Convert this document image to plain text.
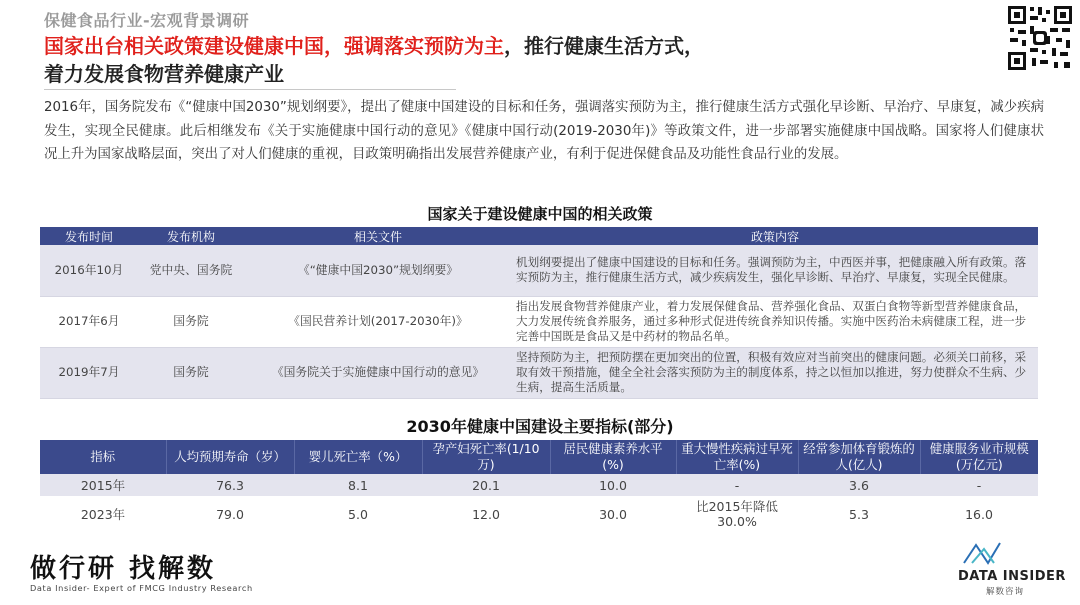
保健食品行业-宏观背景调研
国家出台相关政策建设健康中国，强调落实预防为主，推行健康生活方式，
着力发展食物营养健康产业
2016年，国务院发布《“健康中国2030”规划纲要》，提出了健康中国建设的目标和任务，强调落实预防为主，推行健康生活方式强化早诊断、早治疗、早康复，减少疾病发生，实现全民健康。此后相继发布《关于实施健康中国行动的意见》《健康中国行动(2019-2030年)》等政策文件，进一步部署实施健康中国战略。国家将人们健康状况上升为国家战略层面，突出了对人们健康的重视，目政策明确指出发展营养健康产业，有利于促进保健食品及功能性食品行业的发展。
国家关于建设健康中国的相关政策
发布时间	发布机构	相关文件	政策内容
2016年10月	党中央、国务院	《“健康中国2030”规划纲要》	机划纲要提出了健康中国建设的目标和任务。强调预防为主，中西医并事，把健康融入所有政策。落实预防为主，推行健康生活方式，减少疾病发生，强化早诊断、早治疗、早康复，实现全民健康。
2017年6月	国务院	《国民营养计划(2017-2030年)》	指出发展食物营养健康产业，着力发展保健食品、营养强化食品、双蛋白食物等新型营养健康食品，大力发展传统食养服务，通过多种形式促进传统食养知识传播。实施中医药治未病健康工程，进一步完善中国既是食品又是中药材的物品名单。
2019年7月	国务院	《国务院关于实施健康中国行动的意见》	坚持预防为主，把预防摆在更加突出的位置，积极有效应对当前突出的健康问题。必须关口前移，采取有效干预措施，健全全社会落实预防为主的制度体系，持之以恒加以推进，努力使群众不生病、少生病，提高生活质量。
2030年健康中国建设主要指标(部分)
指标	人均预期寿命（岁）	婴儿死亡率（%）	孕产妇死亡率(1/10万)	居民健康素养水平(%)	重大慢性疾病过早死亡率(%)	经常参加体育锻炼的人(亿人)	健康服务业市规模(万亿元)
2015年	76.3	8.1	20.1	10.0	-	3.6	-
2023年	79.0	5.0	12.0	30.0	比2015年降低30.0%	5.3	16.0
做行研 找解数
Data Insider- Expert of FMCG Industry Research
DATA INSIDER
解数咨询
